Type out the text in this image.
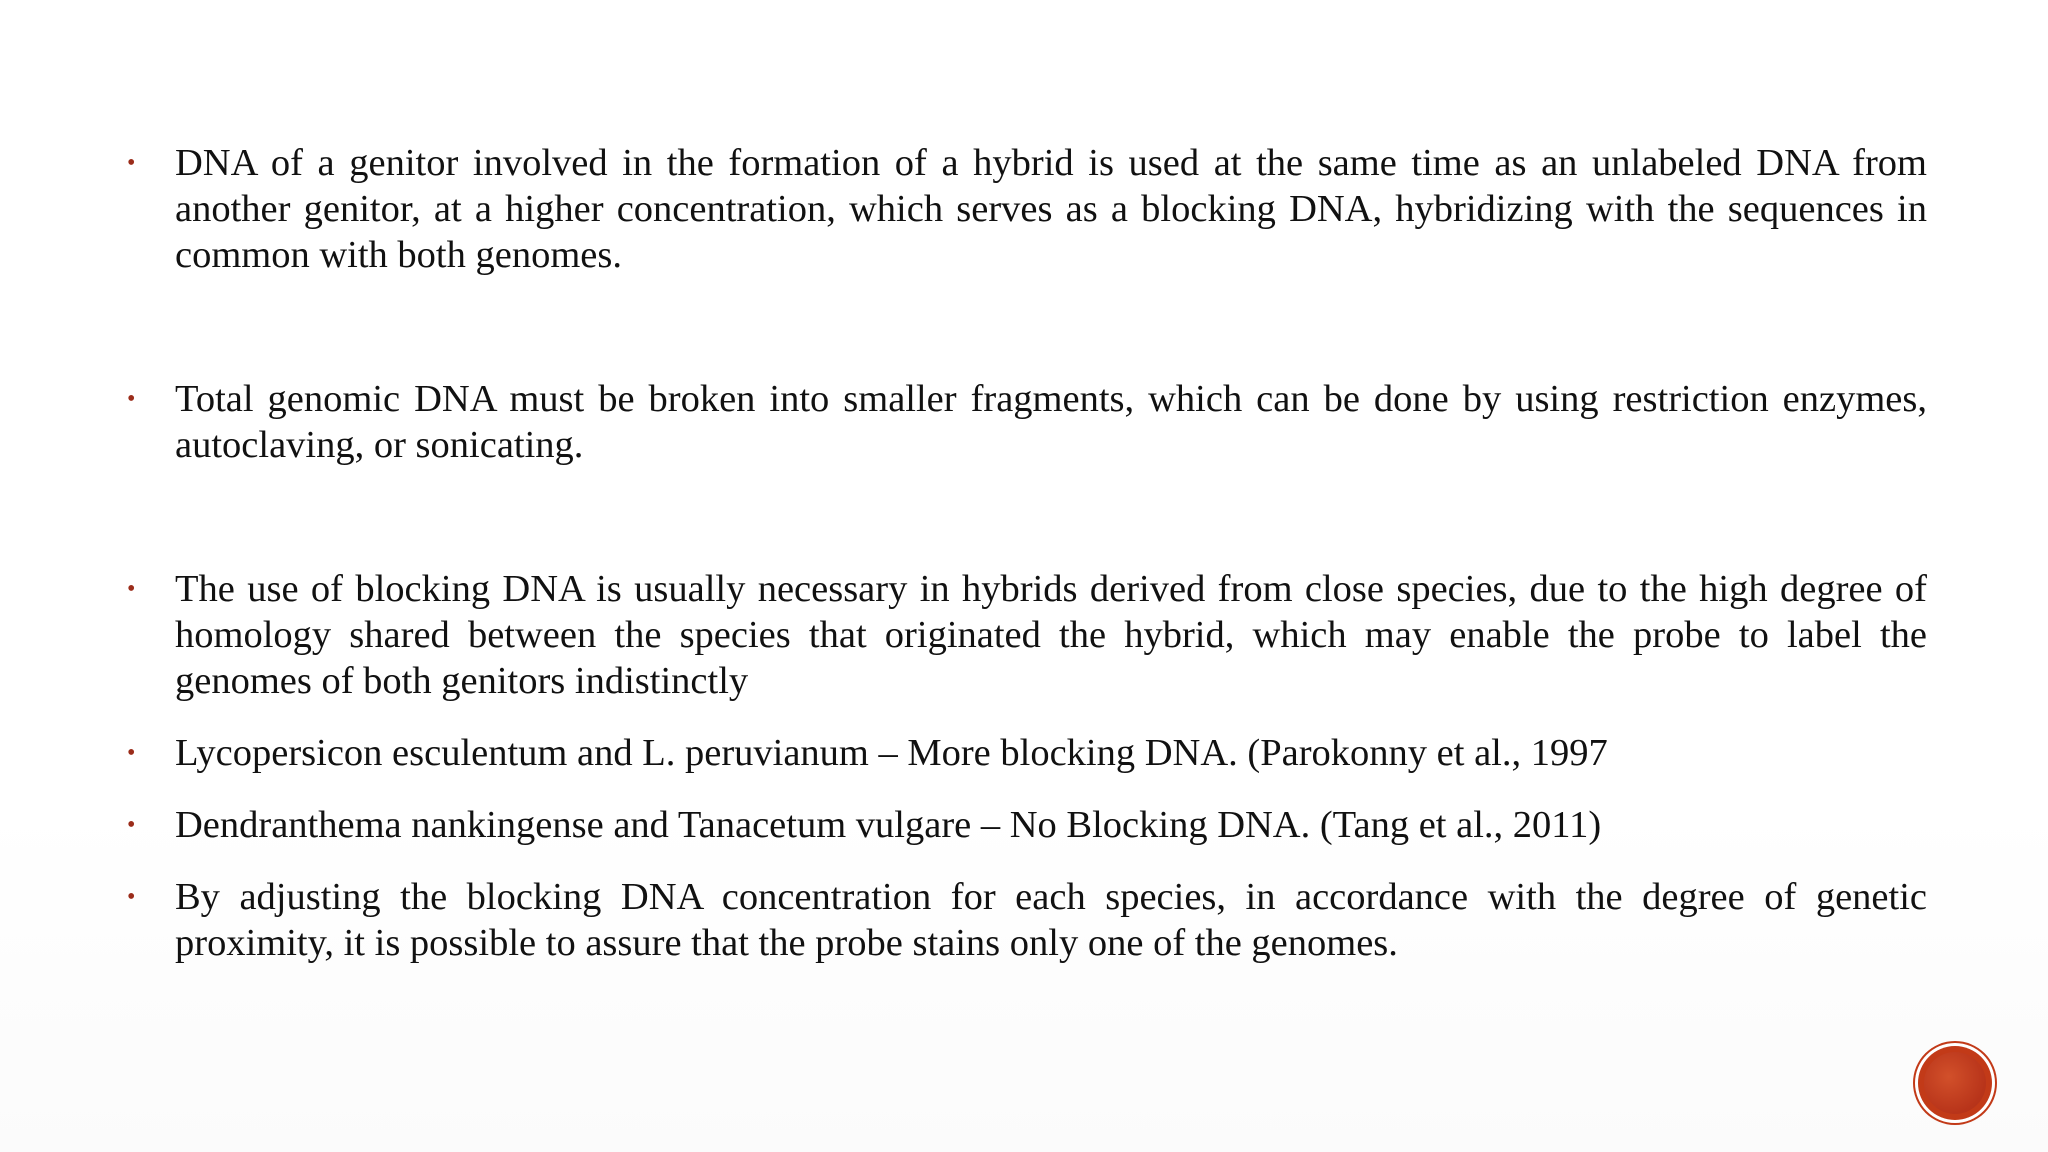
•	DNA of a genitor involved in the formation of a hybrid is used at the same time as an unlabeled DNA from another genitor, at a higher concentration, which serves as a blocking DNA, hybridizing with the sequences in common with both genomes.
•	Total genomic DNA must be broken into smaller fragments, which can be done by using restriction enzymes, autoclaving, or sonicating.
•	The use of blocking DNA is usually necessary in hybrids derived from close species, due to the high degree of homology shared between the species that originated the hybrid, which may enable the probe to label the genomes of both genitors indistinctly
•	Lycopersicon esculentum and L. peruvianum – More blocking DNA. (Parokonny et al., 1997
•	Dendranthema nankingense and Tanacetum vulgare – No Blocking DNA. (Tang et al., 2011)
•	By adjusting the blocking DNA concentration for each species, in accordance with the degree of genetic proximity, it is possible to assure that the probe stains only one of the genomes.
